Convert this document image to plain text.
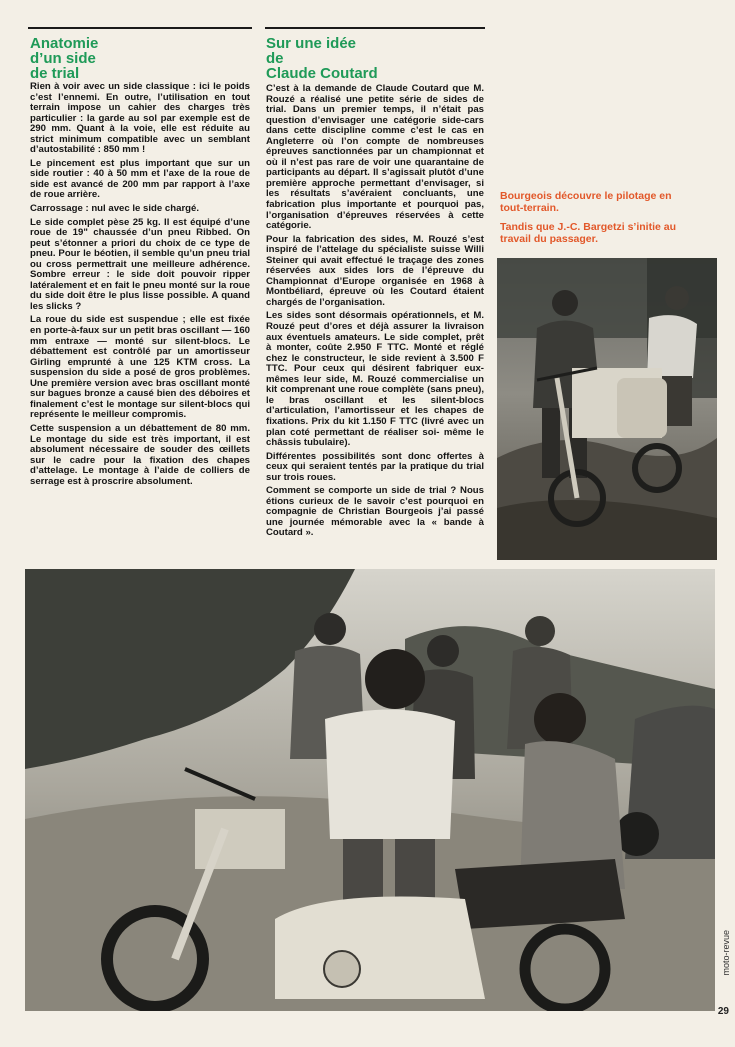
Anatomie
d’un side
de trial

Rien à voir avec un side classique : ici le poids c’est l’ennemi. En outre, l’utilisation en tout terrain impose un cahier des charges très particulier : la garde au sol par exemple est de 290 mm. Quant à la voie, elle est réduite au strict minimum compatible avec un semblant d’autostabilité : 850 mm !

Le pincement est plus important que sur un side routier : 40 à 50 mm et l’axe de la roue de side est avancé de 200 mm par rapport à l’axe de roue arrière.

Carrossage : nul avec le side chargé.

Le side complet pèse 25 kg. Il est équipé d’une roue de 19" chaussée d’un pneu Ribbed. On peut s’étonner a priori du choix de ce type de pneu. Pour le béotien, il semble qu’un pneu trial ou cross permettrait une meilleure adhérence. Sombre erreur : le side doit pouvoir ripper latéralement et en fait le pneu monté sur la roue du side doit être le plus lisse possible. A quand les slicks ?

La roue du side est suspendue ; elle est fixée en porte-à-faux sur un petit bras oscillant — 160 mm entraxe — monté sur silent-blocs. Le débattement est contrôlé par un amortisseur Girling emprunté à une 125 KTM cross. La suspension du side a posé de gros problèmes. Une première version avec bras oscillant monté sur bagues bronze a causé bien des déboires et finalement c’est le montage sur silent-blocs qui représente le meilleur compromis.

Cette suspension a un débattement de 80 mm. Le montage du side est très important, il est absolument nécessaire de souder des œillets sur le cadre pour la fixation des chapes d’attelage. Le montage à l’aide de colliers de serrage est à proscrire absolument.

Sur une idée
de
Claude Coutard

C’est à la demande de Claude Coutard que M. Rouzé a réalisé une petite série de sides de trial. Dans un premier temps, il n’était pas question d’envisager une catégorie side-cars dans cette discipline comme c’est le cas en Angleterre où l’on compte de nombreuses épreuves sanctionnées par un championnat et où il n’est pas rare de voir une quarantaine de participants au départ. Il s’agissait plutôt d’une première approche permettant d’envisager, si les résultats s’avéraient concluants, une fabrication plus importante et pourquoi pas, l’organisation d’épreuves réservées à cette catégorie.

Pour la fabrication des sides, M. Rouzé s’est inspiré de l’attelage du spécialiste suisse Willi Steiner qui avait effectué le traçage des zones réservées aux sides lors de l’épreuve du Championnat d’Europe organisée en 1968 à Montbéliard, épreuve où les Coutard étaient chargés de l’organisation.

Les sides sont désormais opérationnels, et M. Rouzé peut d’ores et déjà assurer la livraison aux éventuels amateurs. Le side complet, prêt à monter, coûte 2.950 F TTC. Monté et réglé chez le constructeur, le side revient à 3.500 F TTC. Pour ceux qui désirent fabriquer eux-mêmes leur side, M. Rouzé commercialise un kit comprenant une roue complète (sans pneu), le bras oscillant et les silent-blocs d’articulation, l’amortisseur et les chapes de fixations. Prix du kit 1.150 F TTC (livré avec un plan coté permettant de réaliser soi- même le châssis tubulaire).

Différentes possibilités sont donc offertes à ceux qui seraient tentés par la pratique du trial sur trois roues.

Comment se comporte un side de trial ? Nous étions curieux de le savoir c’est pourquoi en compagnie de Christian Bourgeois j’ai passé une journée mémorable avec la « bande à Coutard ».

Bourgeois découvre le pilotage en tout-terrain.

Tandis que J.-C. Bargetzi s’initie au travail du passager.

moto-revue
29
